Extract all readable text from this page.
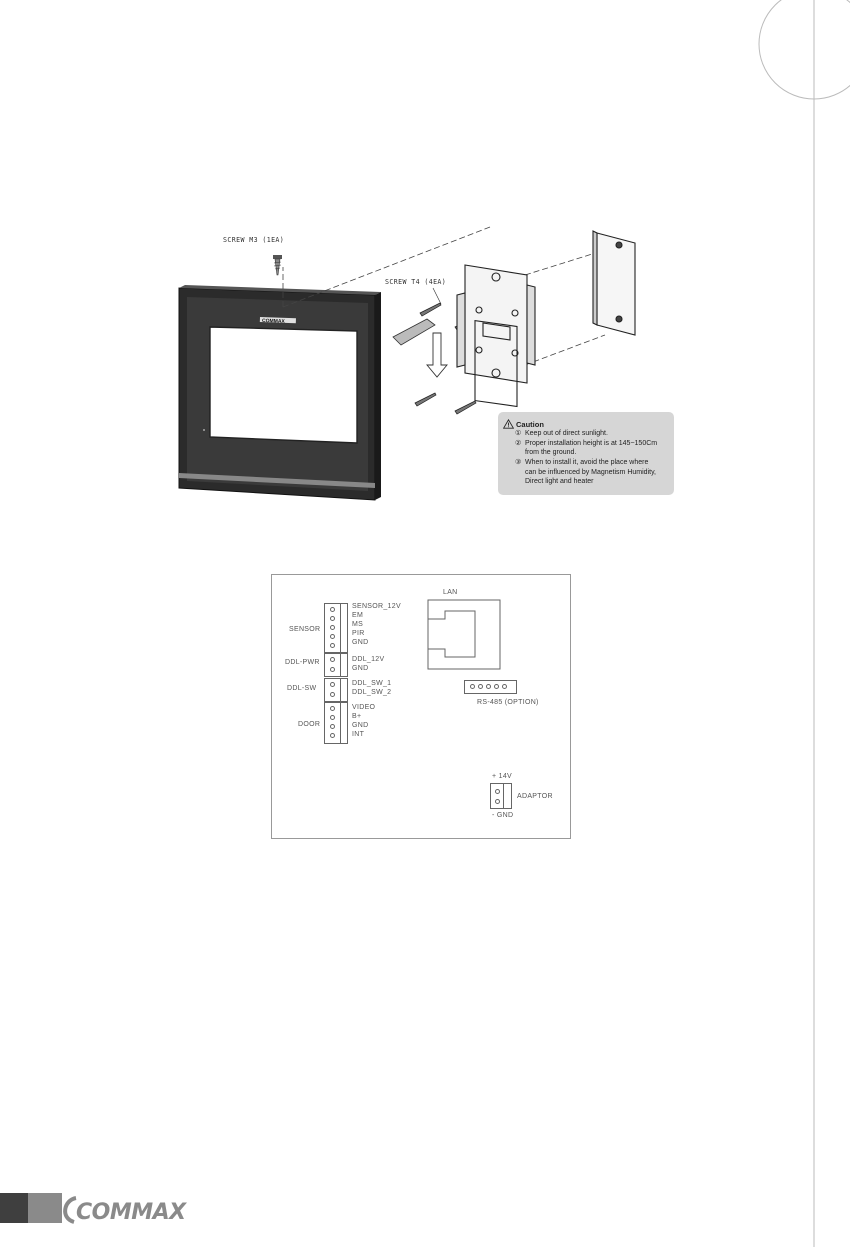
COMMAX
SCREW M3 (1EA)
SCREW T4 (4EA)
Caution
① Keep out of direct sunlight.
② Proper installation height is at 145~150Cm
from the ground.
③ When to install it, avoid the place where
can be influenced by Magnetism Humidity,
Direct light and heater
SENSOR
DDL-PWR
DDL-SW
DOOR
SENSOR_12V
EM
MS
PIR
GND
DDL_12V
GND
DDL_SW_1
DDL_SW_2
VIDEO
B+
GND
INT
LAN
RS-485 (OPTION)
+ 14V
ADAPTOR
- GND
COMMAX
